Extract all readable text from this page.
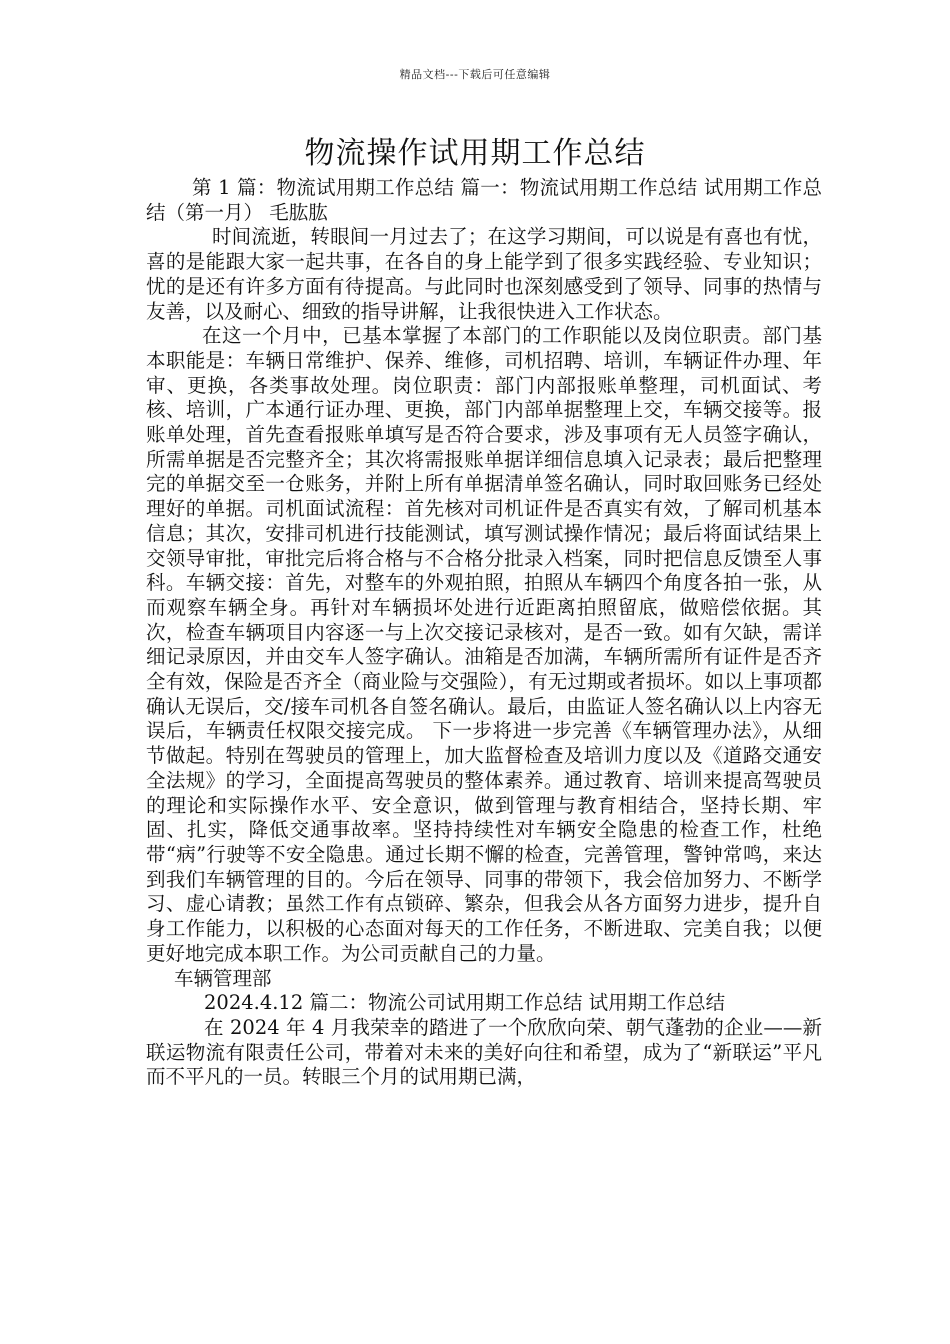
精品文档---下载后可任意编辑
物流操作试用期工作总结

第 1 篇：物流试用期工作总结 篇一：物流试用期工作总结 试用期工作总结（第一月） 毛肱肱

时间流逝，转眼间一月过去了；在这学习期间，可以说是有喜也有忧，喜的是能跟大家一起共事，在各自的身上能学到了很多实践经验、专业知识；忧的是还有许多方面有待提高。与此同时也深刻感受到了领导、同事的热情与友善，以及耐心、细致的指导讲解，让我很快进入工作状态。

在这一个月中，已基本掌握了本部门的工作职能以及岗位职责。部门基本职能是：车辆日常维护、保养、维修，司机招聘、培训，车辆证件办理、年审、更换，各类事故处理。岗位职责：部门内部报账单整理，司机面试、考核、培训，广本通行证办理、更换，部门内部单据整理上交，车辆交接等。报账单处理，首先查看报账单填写是否符合要求，涉及事项有无人员签字确认，所需单据是否完整齐全；其次将需报账单据详细信息填入记录表；最后把整理完的单据交至一仓账务，并附上所有单据清单签名确认，同时取回账务已经处理好的单据。司机面试流程：首先核对司机证件是否真实有效，了解司机基本信息；其次，安排司机进行技能测试，填写测试操作情况；最后将面试结果上交领导审批，审批完后将合格与不合格分批录入档案，同时把信息反馈至人事科。车辆交接：首先，对整车的外观拍照，拍照从车辆四个角度各拍一张，从而观察车辆全身。再针对车辆损坏处进行近距离拍照留底，做赔偿依据。其次，检查车辆项目内容逐一与上次交接记录核对，是否一致。如有欠缺，需详细记录原因，并由交车人签字确认。油箱是否加满，车辆所需所有证件是否齐全有效，保险是否齐全（商业险与交强险），有无过期或者损坏。如以上事项都确认无误后，交/接车司机各自签名确认。最后，由监证人签名确认以上内容无误后，车辆责任权限交接完成。 下一步将进一步完善《车辆管理办法》，从细节做起。特别在驾驶员的管理上，加大监督检查及培训力度以及《道路交通安全法规》的学习，全面提高驾驶员的整体素养。通过教育、培训来提高驾驶员的理论和实际操作水平、安全意识，做到管理与教育相结合，坚持长期、牢固、扎实，降低交通事故率。坚持持续性对车辆安全隐患的检查工作，杜绝带“病”行驶等不安全隐患。通过长期不懈的检查，完善管理，警钟常鸣，来达到我们车辆管理的目的。今后在领导、同事的带领下，我会倍加努力、不断学习、虚心请教；虽然工作有点锁碎、繁杂，但我会从各方面努力进步，提升自身工作能力，以积极的心态面对每天的工作任务，不断进取、完美自我；以便更好地完成本职工作。为公司贡献自己的力量。

车辆管理部

2024.4.12 篇二：物流公司试用期工作总结 试用期工作总结

在 2024 年 4 月我荣幸的踏进了一个欣欣向荣、朝气蓬勃的企业——新联运物流有限责任公司，带着对未来的美好向往和希望，成为了“新联运”平凡而不平凡的一员。转眼三个月的试用期已满，
